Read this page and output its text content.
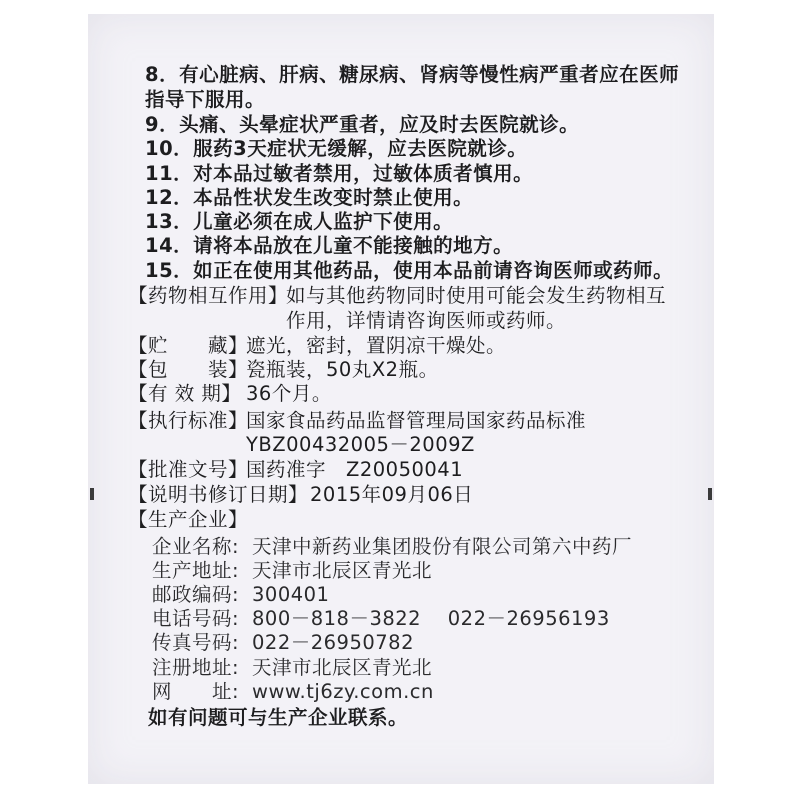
8．有心脏病、肝病、糖尿病、肾病等慢性病严重者应在医师
指导下服用。
9．头痛、头晕症状严重者，应及时去医院就诊。
10．服药3天症状无缓解，应去医院就诊。
11．对本品过敏者禁用，过敏体质者慎用。
12．本品性状发生改变时禁止使用。
13．儿童必须在成人监护下使用。
14．请将本品放在儿童不能接触的地方。
15．如正在使用其他药品，使用本品前请咨询医师或药师。
【药物相互作用】
如与其他药物同时使用可能会发生药物相互
作用，详情请咨询医师或药师。
【贮　　藏】
遮光，密封，置阴凉干燥处。
【包　　装】
瓷瓶装，50丸X2瓶。
【有 效 期】 36个月。
【执行标准】
国家食品药品监督管理局国家药品标准
YBZ00432005－2009Z
【批准文号】
国药准字　Z20050041
【说明书修订日期】 2015年09月06日
【生产企业】
企业名称: 天津中新药业集团股份有限公司第六中药厂
生产地址: 天津市北辰区青光北
邮政编码: 300401
电话号码: 800－818－3822　 022－26956193
传真号码: 022－26950782
注册地址: 天津市北辰区青光北
网　　址: www.tj6zy.com.cn
如有问题可与生产企业联系。
